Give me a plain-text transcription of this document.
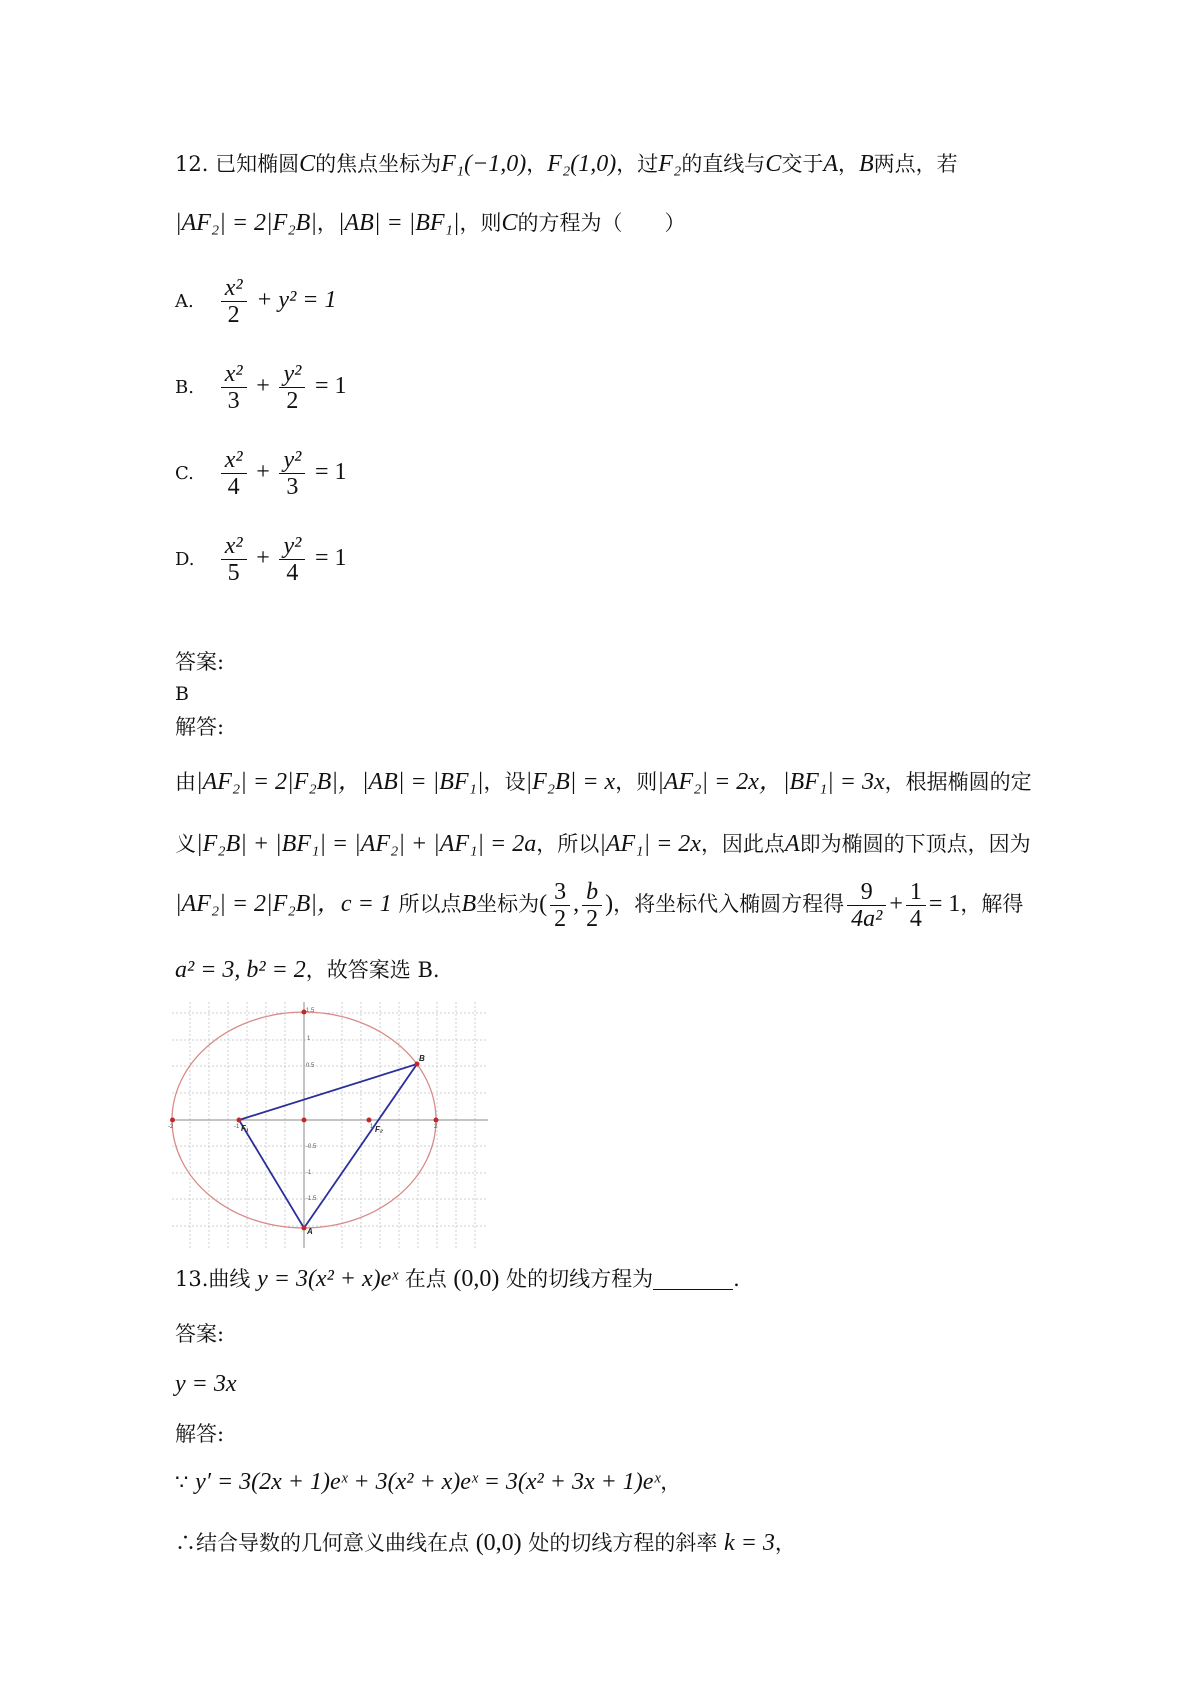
12. 已知椭圆C的焦点坐标为F₁(−1,0)，F₂(1,0)，过F₂的直线与C交于A，B两点，若
|AF₂| = 2|F₂B|，|AB| = |BF₁|，则C的方程为（　　）
A. $\frac{\text{x²}}{2} + y^2 = 1$
B. $\frac{\text{x²}}{3} + \frac{\text{y²}}{2} = 1$
C. $\frac{\text{x²}}{4} + \frac{\text{y²}}{3} = 1$
D. $\frac{\text{x²}}{5} + \frac{\text{y²}}{4} = 1$
答案:
B
解答:
由|AF₂| = 2|F₂B|，|AB| = |BF₁|，设|F₂B| = x，则|AF₂| = 2x，|BF₁| = 3x，根据椭圆的定
义|F₂B| + |BF₁| = |AF₂| + |AF₁| = 2a，所以|AF₁| = 2x，因此点A即为椭圆的下顶点，因为
|AF₂| = 2|F₂B|，c = 1 所以点B坐标为( $\frac{3}{2}$ , $\frac{b}{2}$ )，将坐标代入椭圆方程得 $\frac{9}{\text{4a²}} + \frac{1}{4} = 1$，解得
a² = 3, b² = 2，故答案选 B.
1.5
1
0.5
-0.5
-1
-1.5
-2	-1	1	2
F₁	F₂
A
B
13.曲线 y = 3(x² + x)eˣ 在点 (0,0) 处的切线方程为	.
答案:
y = 3x
解答:
∵ y′ = 3(2x + 1)eˣ + 3(x² + x)eˣ = 3(x² + 3x + 1)eˣ，
∴结合导数的几何意义曲线在点 (0,0) 处的切线方程的斜率 k = 3，
